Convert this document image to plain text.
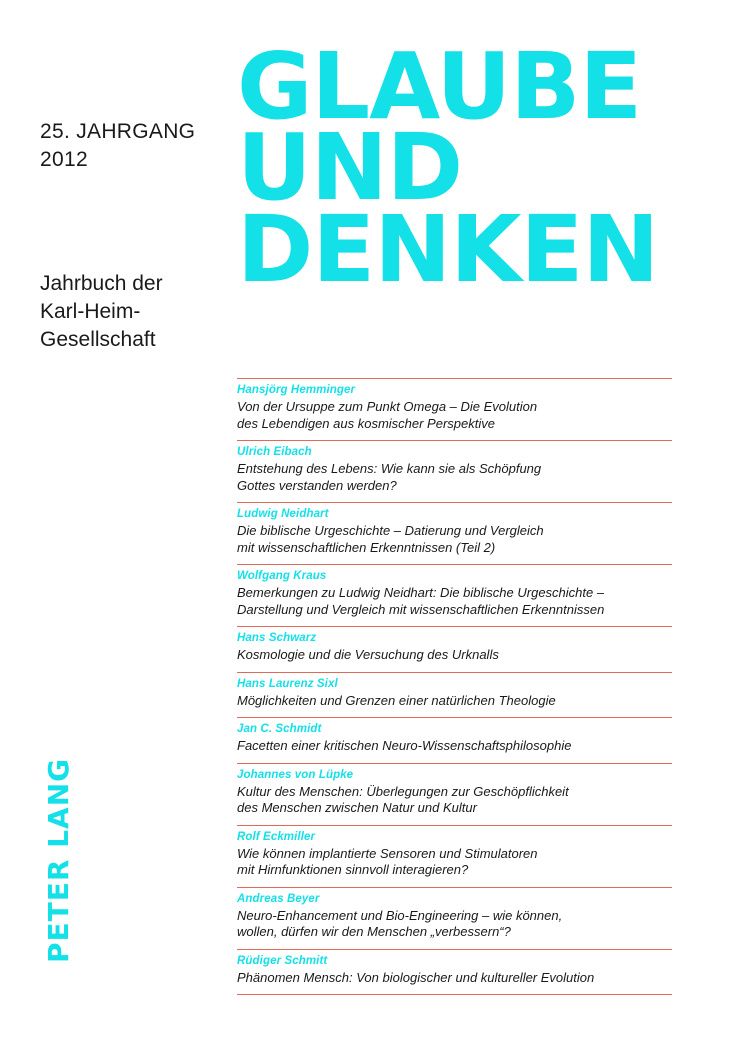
25. JAHRGANG
2012
Jahrbuch der
Karl-Heim-
Gesellschaft
GLAUBE
UND
DENKEN
PETER LANG
Hansjörg Hemminger
Von der Ursuppe zum Punkt Omega – Die Evolution
des Lebendigen aus kosmischer Perspektive
Ulrich Eibach
Entstehung des Lebens: Wie kann sie als Schöpfung
Gottes verstanden werden?
Ludwig Neidhart
Die biblische Urgeschichte – Datierung und Vergleich
mit wissenschaftlichen Erkenntnissen (Teil 2)
Wolfgang Kraus
Bemerkungen zu Ludwig Neidhart: Die biblische Urgeschichte –
Darstellung und Vergleich mit wissenschaftlichen Erkenntnissen
Hans Schwarz
Kosmologie und die Versuchung des Urknalls
Hans Laurenz Sixl
Möglichkeiten und Grenzen einer natürlichen Theologie
Jan C. Schmidt
Facetten einer kritischen Neuro-Wissenschaftsphilosophie
Johannes von Lüpke
Kultur des Menschen: Überlegungen zur Geschöpflichkeit
des Menschen zwischen Natur und Kultur
Rolf Eckmiller
Wie können implantierte Sensoren und Stimulatoren
mit Hirnfunktionen sinnvoll interagieren?
Andreas Beyer
Neuro-Enhancement und Bio-Engineering – wie können,
wollen, dürfen wir den Menschen „verbessern“?
Rüdiger Schmitt
Phänomen Mensch: Von biologischer und kultureller Evolution
